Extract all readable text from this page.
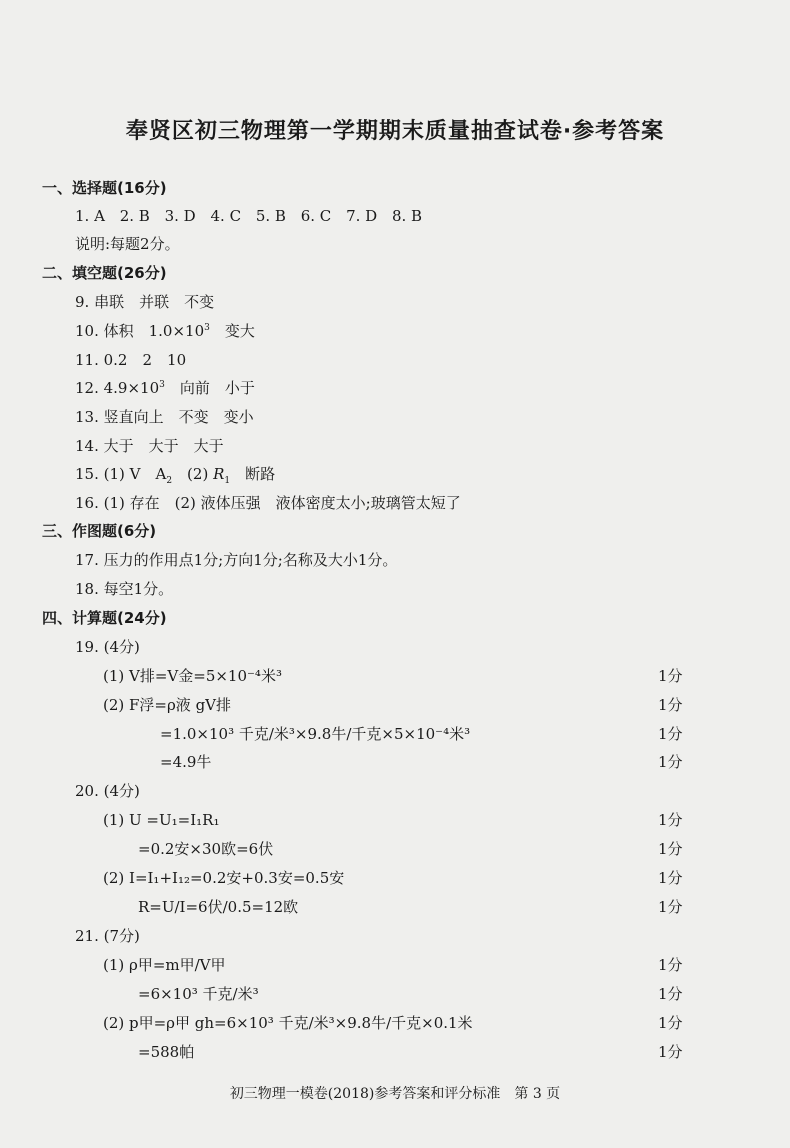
奉贤区初三物理第一学期期末质量抽查试卷·参考答案
一、选择题(16分)
1. A 2. B 3. D 4. C 5. B 6. C 7. D 8. B
说明:每题2分。
二、填空题(26分)
9. 串联　并联　不变
10. 体积　$1.0\times 10^3$　变大
11. 0.2　2　10
12. $4.9\times 10^3$　向前　小于
13. 竖直向上　不变　变小
14. 大于　大于　大于
15. (1) V　$A_2$　(2) $R_1$　断路
16. (1) 存在　(2) 液体压强　液体密度太小;玻璃管太短了
三、作图题(6分)
17. 压力的作用点1分;方向1分;名称及大小1分。
18. 每空1分。
四、计算题(24分)
19. (4分)
(1) V排=V金=5×10⁻⁴米³	1分
(2) F浮=ρ液 gV排	1分
=1.0×10³ 千克/米³×9.8牛/千克×5×10⁻⁴米³	1分
=4.9牛	1分
20. (4分)
(1) U =U₁=I₁R₁	1分
=0.2安×30欧=6伏	1分
(2) I=I₁+I₁₂=0.2安+0.3安=0.5安	1分
R=U/I=6伏/0.5=12欧	1分
21. (7分)
(1) ρ甲=m甲/V甲	1分
=6×10³ 千克/米³	1分
(2) p甲=ρ甲 gh=6×10³ 千克/米³×9.8牛/千克×0.1米	1分
=588帕	1分
初三物理一模卷(2018)参考答案和评分标准　第 3 页
